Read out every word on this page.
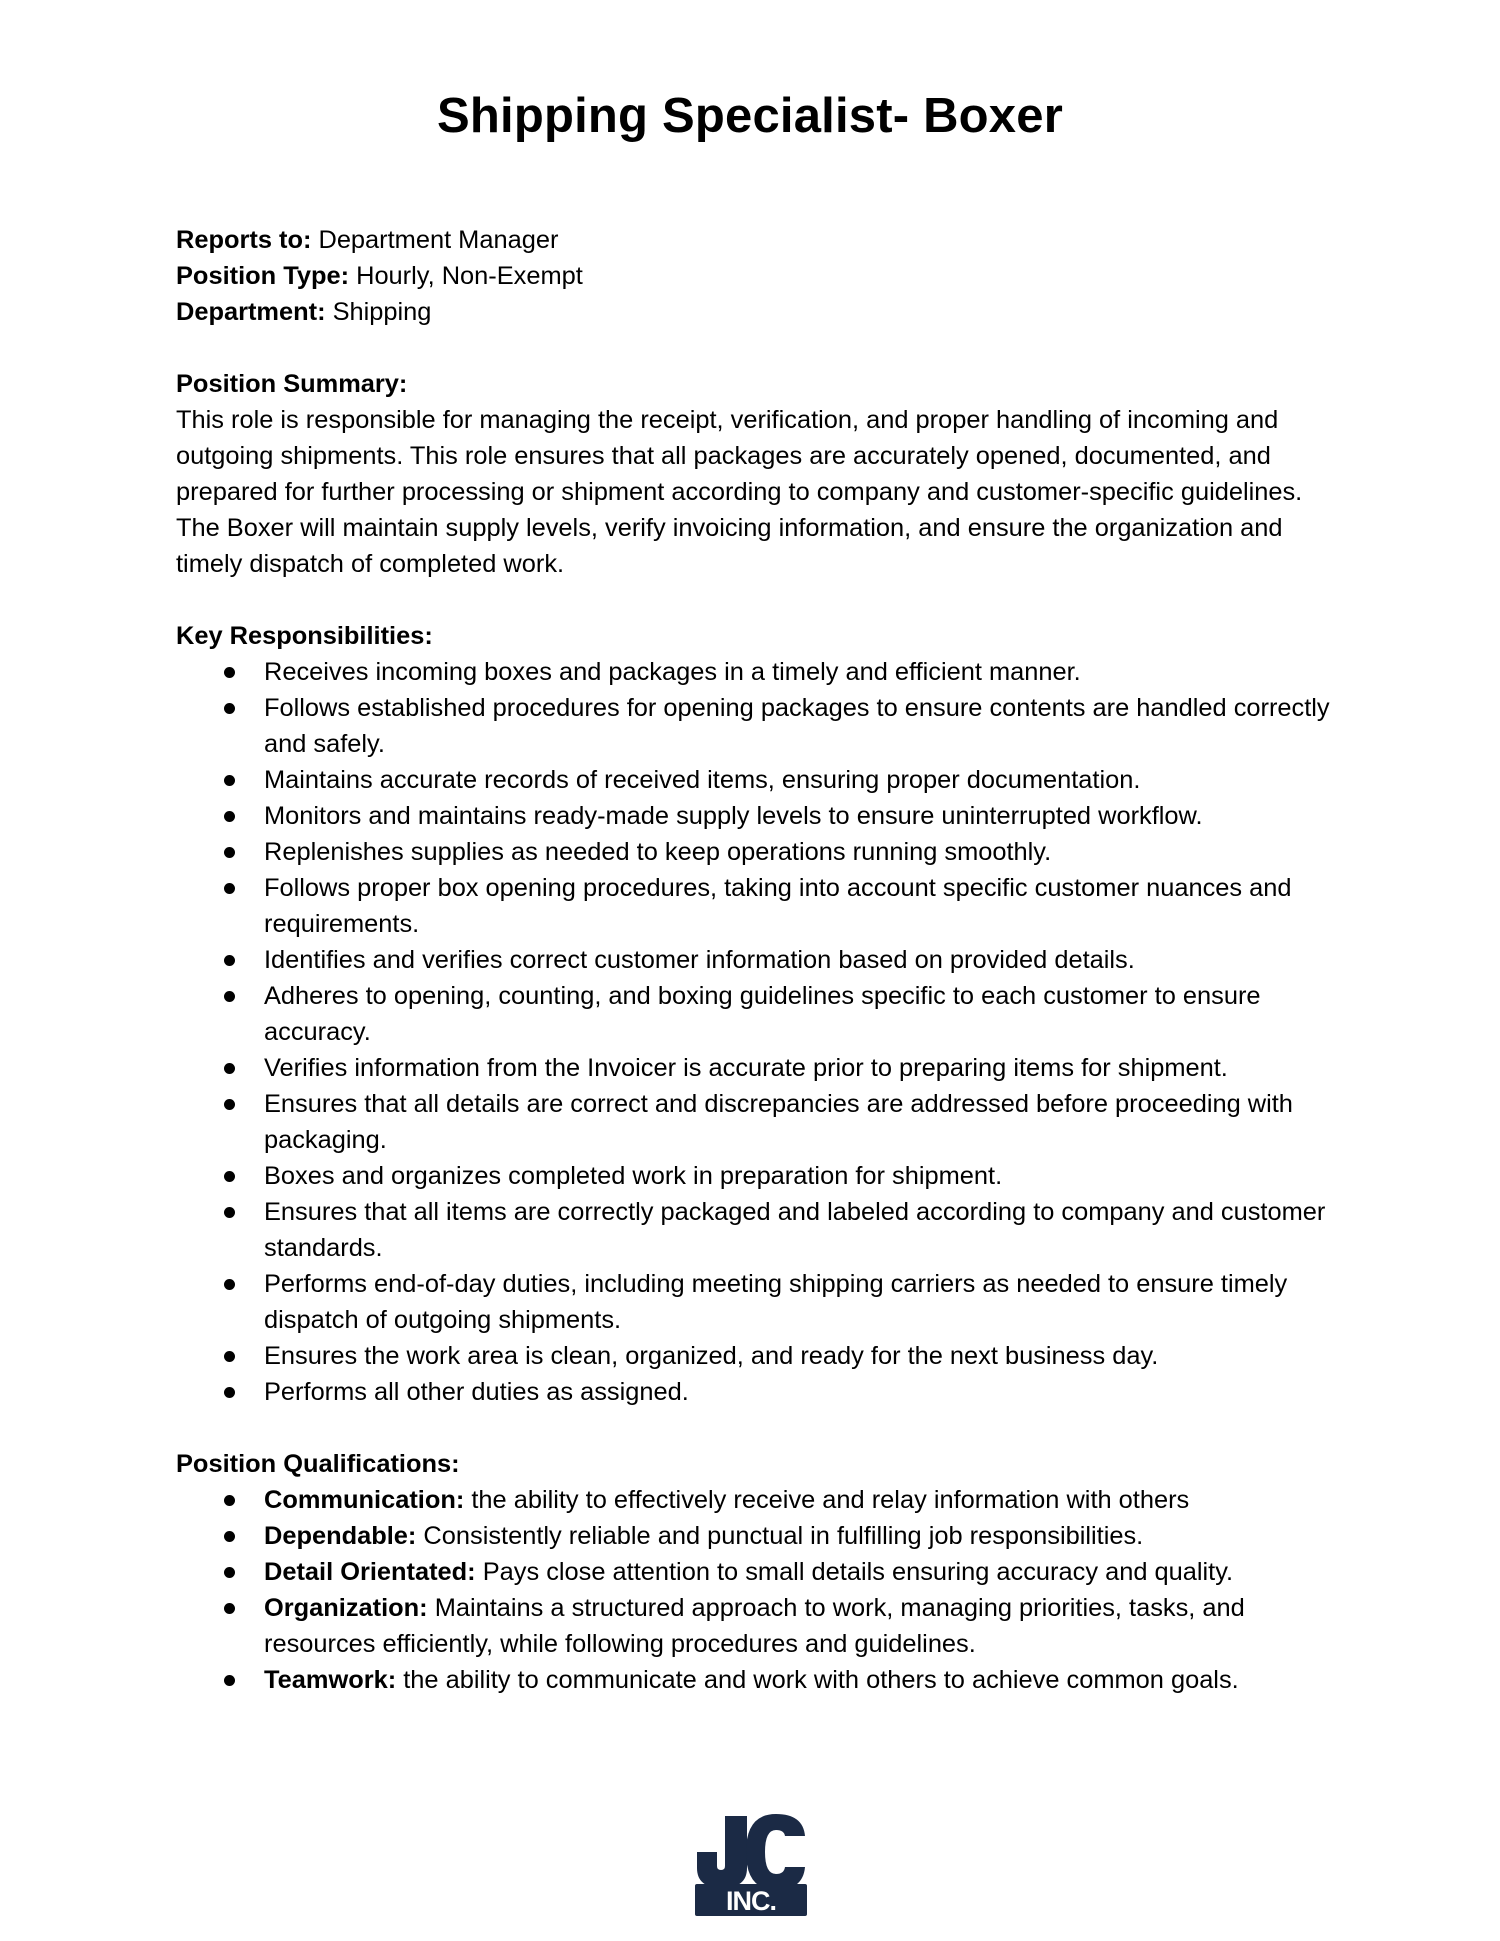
Shipping Specialist- Boxer

Reports to: Department Manager

Position Type: Hourly, Non-Exempt

Department: Shipping

Position Summary:

This role is responsible for managing the receipt, verification, and proper handling of incoming and outgoing shipments. This role ensures that all packages are accurately opened, documented, and prepared for further processing or shipment according to company and customer-specific guidelines. The Boxer will maintain supply levels, verify invoicing information, and ensure the organization and timely dispatch of completed work.

Key Responsibilities:

Receives incoming boxes and packages in a timely and efficient manner.
Follows established procedures for opening packages to ensure contents are handled correctly and safely.
Maintains accurate records of received items, ensuring proper documentation.
Monitors and maintains ready-made supply levels to ensure uninterrupted workflow.
Replenishes supplies as needed to keep operations running smoothly.
Follows proper box opening procedures, taking into account specific customer nuances and requirements.
Identifies and verifies correct customer information based on provided details.
Adheres to opening, counting, and boxing guidelines specific to each customer to ensure accuracy.
Verifies information from the Invoicer is accurate prior to preparing items for shipment.
Ensures that all details are correct and discrepancies are addressed before proceeding with packaging.
Boxes and organizes completed work in preparation for shipment.
Ensures that all items are correctly packaged and labeled according to company and customer standards.
Performs end-of-day duties, including meeting shipping carriers as needed to ensure timely dispatch of outgoing shipments.
Ensures the work area is clean, organized, and ready for the next business day.
Performs all other duties as assigned.

Position Qualifications:

Communication: the ability to effectively receive and relay information with others
Dependable: Consistently reliable and punctual in fulfilling job responsibilities.
Detail Orientated: Pays close attention to small details ensuring accuracy and quality.
Organization: Maintains a structured approach to work, managing priorities, tasks, and resources efficiently, while following procedures and guidelines.
Teamwork: the ability to communicate and work with others to achieve common goals.
INC.
